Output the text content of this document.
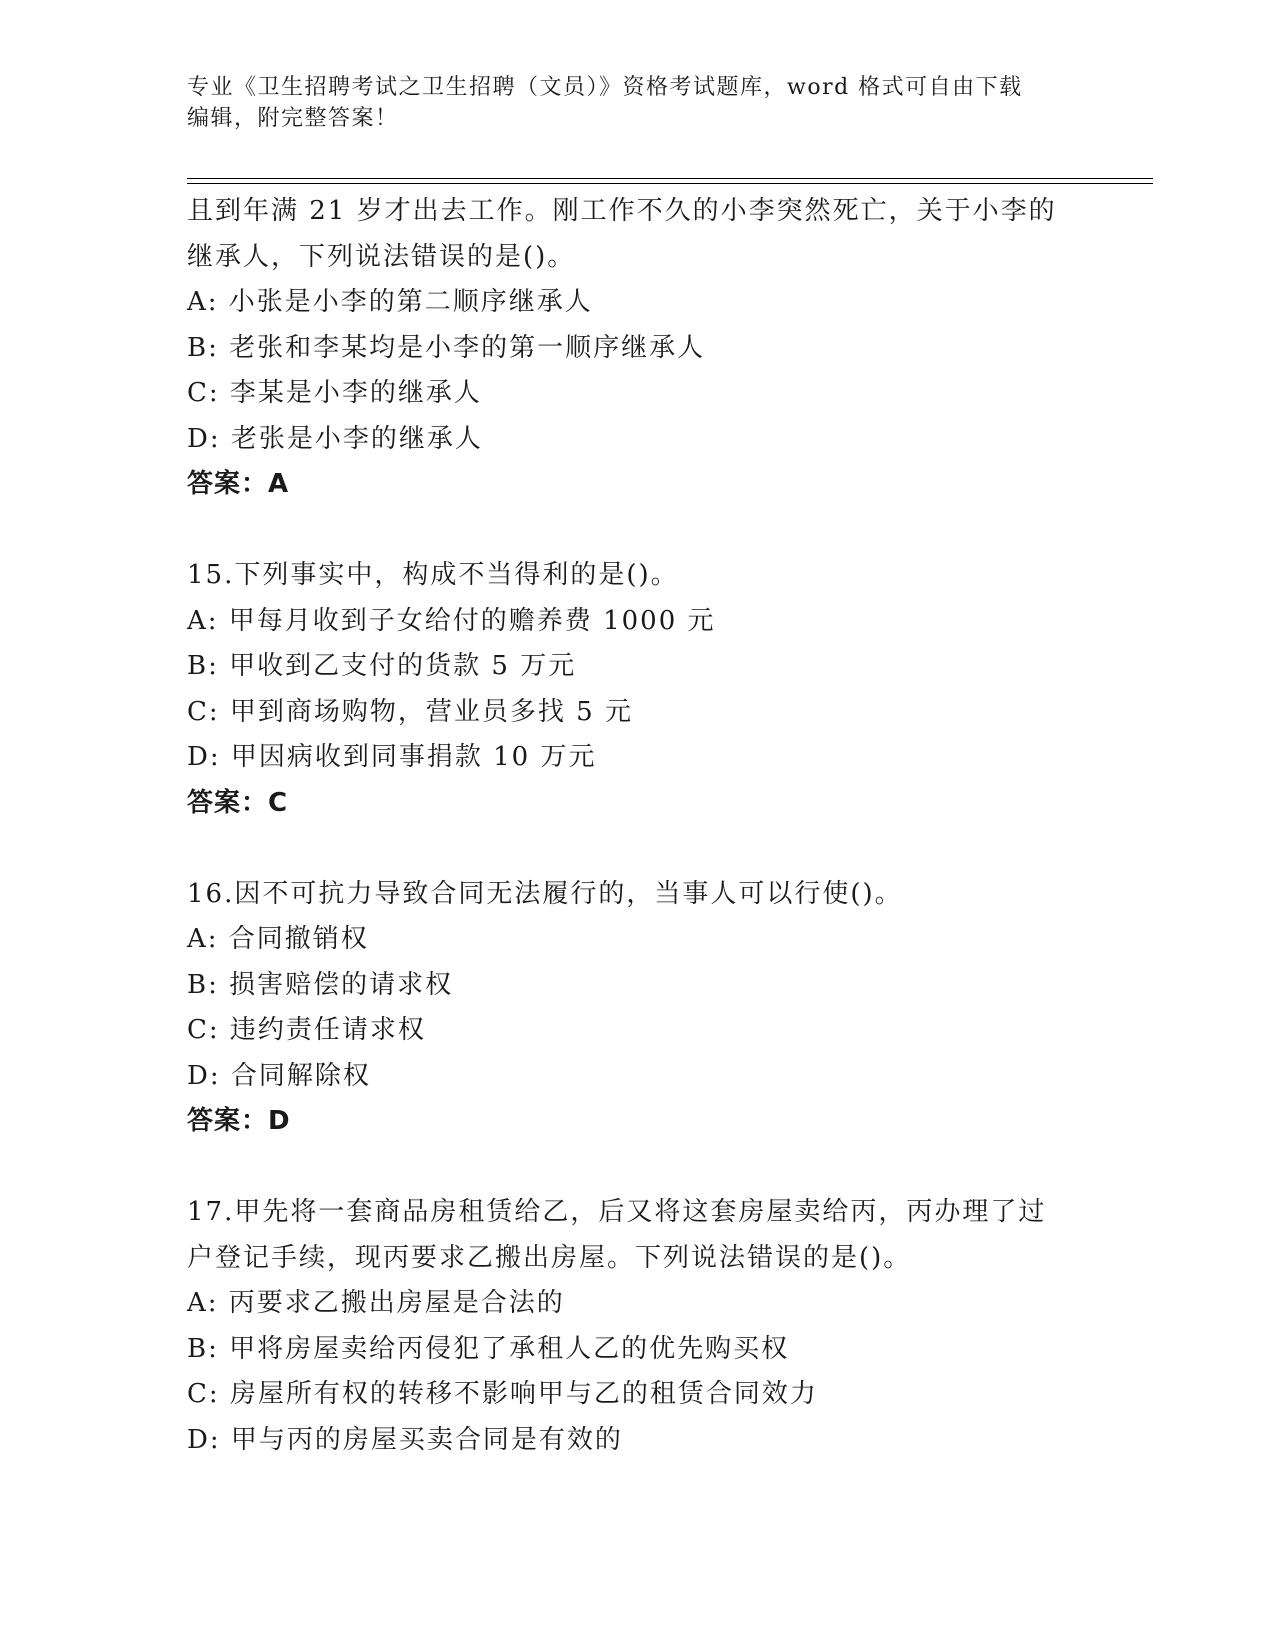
专业《卫生招聘考试之卫生招聘（文员）》资格考试题库，word 格式可自由下载
编辑，附完整答案！
且到年满 21 岁才出去工作。刚工作不久的小李突然死亡，关于小李的
继承人，下列说法错误的是()。
A: 小张是小李的第二顺序继承人
B: 老张和李某均是小李的第一顺序继承人
C: 李某是小李的继承人
D: 老张是小李的继承人
答案：A
15.下列事实中，构成不当得利的是()。
A: 甲每月收到子女给付的赡养费 1000 元
B: 甲收到乙支付的货款 5 万元
C: 甲到商场购物，营业员多找 5 元
D: 甲因病收到同事捐款 10 万元
答案：C
16.因不可抗力导致合同无法履行的，当事人可以行使()。
A: 合同撤销权
B: 损害赔偿的请求权
C: 违约责任请求权
D: 合同解除权
答案：D
17.甲先将一套商品房租赁给乙，后又将这套房屋卖给丙，丙办理了过
户登记手续，现丙要求乙搬出房屋。下列说法错误的是()。
A: 丙要求乙搬出房屋是合法的
B: 甲将房屋卖给丙侵犯了承租人乙的优先购买权
C: 房屋所有权的转移不影响甲与乙的租赁合同效力
D: 甲与丙的房屋买卖合同是有效的
